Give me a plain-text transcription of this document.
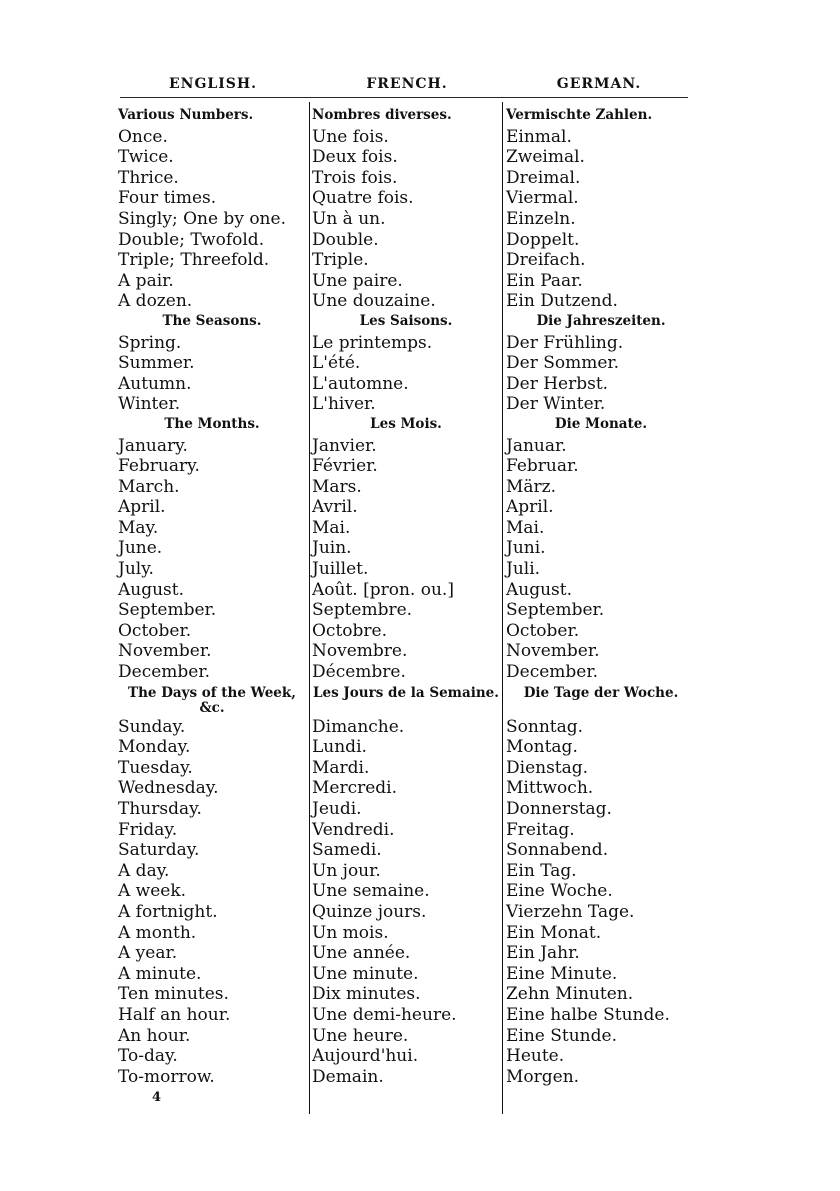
ENGLISH.	FRENCH.	GERMAN.
Various Numbers.
Once.
Twice.
Thrice.
Four times.
Singly; One by one.
Double; Twofold.
Triple; Threefold.
A pair.
A dozen.
The Seasons.
Spring.
Summer.
Autumn.
Winter.
The Months.
January.
February.
March.
April.
May.
June.
July.
August.
September.
October.
November.
December.
The Days of the Week, &c.
Sunday.
Monday.
Tuesday.
Wednesday.
Thursday.
Friday.
Saturday.
A day.
A week.
A fortnight.
A month.
A year.
A minute.
Ten minutes.
Half an hour.
An hour.
To-day.
To-morrow.
Nombres diverses.
Une fois.
Deux fois.
Trois fois.
Quatre fois.
Un à un.
Double.
Triple.
Une paire.
Une douzaine.
Les Saisons.
Le printemps.
L'été.
L'automne.
L'hiver.
Les Mois.
Janvier.
Février.
Mars.
Avril.
Mai.
Juin.
Juillet.
Août. [pron. ou.]
Septembre.
Octobre.
Novembre.
Décembre.
Les Jours de la Semaine.
Dimanche.
Lundi.
Mardi.
Mercredi.
Jeudi.
Vendredi.
Samedi.
Un jour.
Une semaine.
Quinze jours.
Un mois.
Une année.
Une minute.
Dix minutes.
Une demi-heure.
Une heure.
Aujourd'hui.
Demain.
Vermischte Zahlen.
Einmal.
Zweimal.
Dreimal.
Viermal.
Einzeln.
Doppelt.
Dreifach.
Ein Paar.
Ein Dutzend.
Die Jahreszeiten.
Der Frühling.
Der Sommer.
Der Herbst.
Der Winter.
Die Monate.
Januar.
Februar.
März.
April.
Mai.
Juni.
Juli.
August.
September.
October.
November.
December.
Die Tage der Woche.
Sonntag.
Montag.
Dienstag.
Mittwoch.
Donnerstag.
Freitag.
Sonnabend.
Ein Tag.
Eine Woche.
Vierzehn Tage.
Ein Monat.
Ein Jahr.
Eine Minute.
Zehn Minuten.
Eine halbe Stunde.
Eine Stunde.
Heute.
Morgen.
4
